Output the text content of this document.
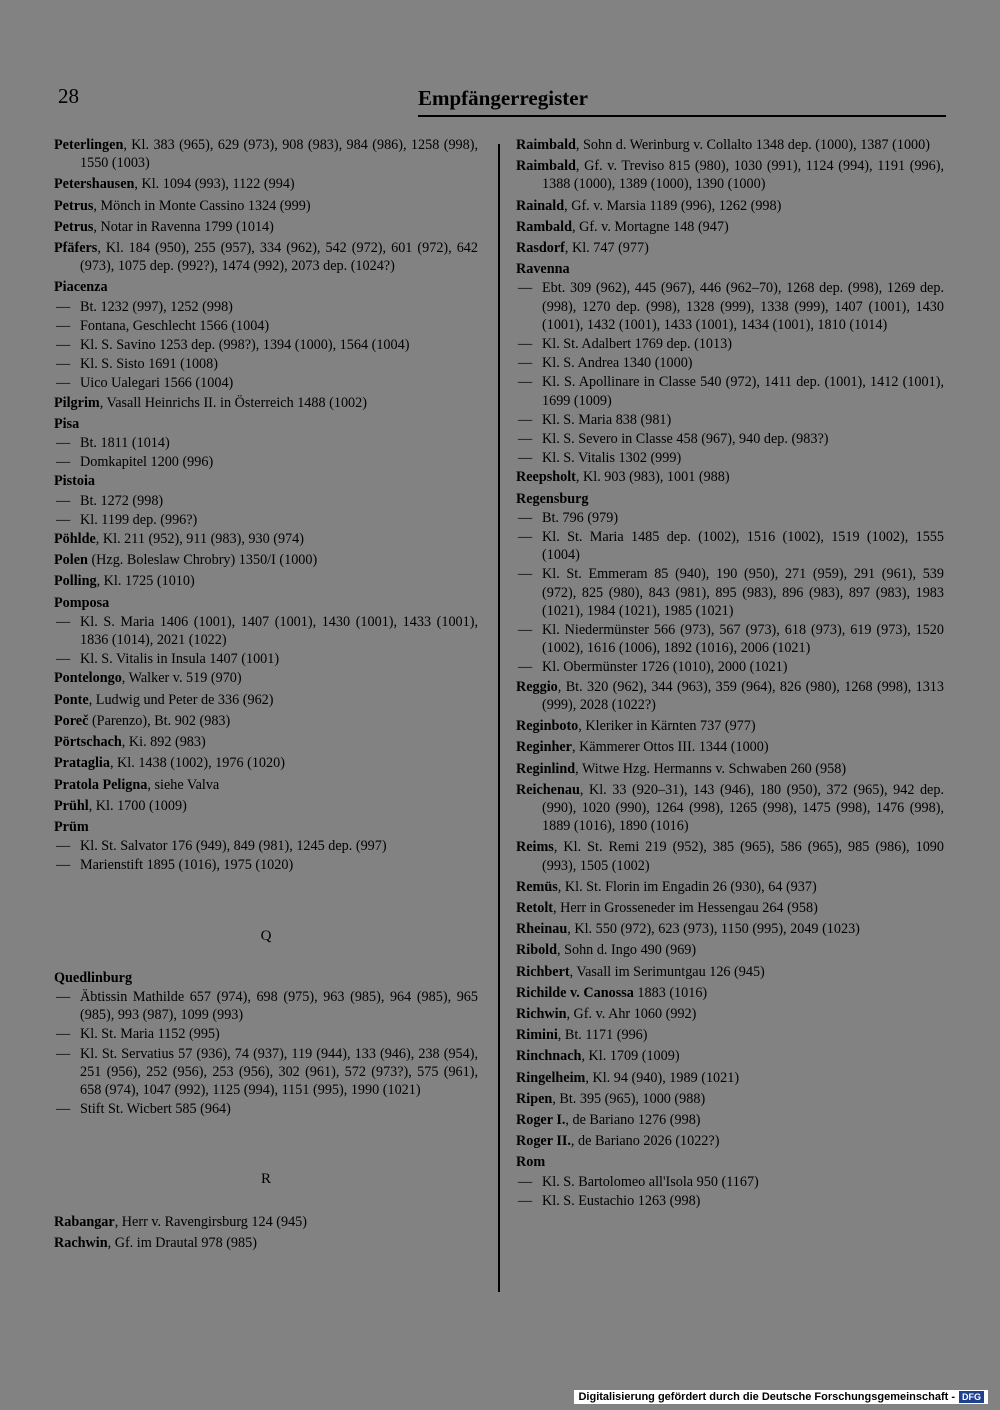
28	Empfängerregister
Peterlingen, Kl. 383 (965), 629 (973), 908 (983), 984 (986), 1258 (998), 1550 (1003)
Petershausen, Kl. 1094 (993), 1122 (994)
Petrus, Mönch in Monte Cassino 1324 (999)
Petrus, Notar in Ravenna 1799 (1014)
Pfäfers, Kl. 184 (950), 255 (957), 334 (962), 542 (972), 601 (972), 642 (973), 1075 dep. (992?), 1474 (992), 2073 dep. (1024?)
Piacenza
— Bt. 1232 (997), 1252 (998)
— Fontana, Geschlecht 1566 (1004)
— Kl. S. Savino 1253 dep. (998?), 1394 (1000), 1564 (1004)
— Kl. S. Sisto 1691 (1008)
— Uico Ualegari 1566 (1004)
Pilgrim, Vasall Heinrichs II. in Österreich 1488 (1002)
Pisa
— Bt. 1811 (1014)
— Domkapitel 1200 (996)
Pistoia
— Bt. 1272 (998)
— Kl. 1199 dep. (996?)
Pöhlde, Kl. 211 (952), 911 (983), 930 (974)
Polen (Hzg. Boleslaw Chrobry) 1350/I (1000)
Polling, Kl. 1725 (1010)
Pomposa
— Kl. S. Maria 1406 (1001), 1407 (1001), 1430 (1001), 1433 (1001), 1836 (1014), 2021 (1022)
— Kl. S. Vitalis in Insula 1407 (1001)
Pontelongo, Walker v. 519 (970)
Ponte, Ludwig und Peter de 336 (962)
Poreč (Parenzo), Bt. 902 (983)
Pörtschach, Ki. 892 (983)
Prataglia, Kl. 1438 (1002), 1976 (1020)
Pratola Peligna, siehe Valva
Prühl, Kl. 1700 (1009)
Prüm
— Kl. St. Salvator 176 (949), 849 (981), 1245 dep. (997)
— Marienstift 1895 (1016), 1975 (1020)
Q
Quedlinburg
— Äbtissin Mathilde 657 (974), 698 (975), 963 (985), 964 (985), 965 (985), 993 (987), 1099 (993)
— Kl. St. Maria 1152 (995)
— Kl. St. Servatius 57 (936), 74 (937), 119 (944), 133 (946), 238 (954), 251 (956), 252 (956), 253 (956), 302 (961), 572 (973?), 575 (961), 658 (974), 1047 (992), 1125 (994), 1151 (995), 1990 (1021)
— Stift St. Wicbert 585 (964)
R
Rabangar, Herr v. Ravengirsburg 124 (945)
Rachwin, Gf. im Drautal 978 (985)
Raimbald, Sohn d. Werinburg v. Collalto 1348 dep. (1000), 1387 (1000)
Raimbald, Gf. v. Treviso 815 (980), 1030 (991), 1124 (994), 1191 (996), 1388 (1000), 1389 (1000), 1390 (1000)
Rainald, Gf. v. Marsia 1189 (996), 1262 (998)
Rambald, Gf. v. Mortagne 148 (947)
Rasdorf, Kl. 747 (977)
Ravenna
— Ebt. 309 (962), 445 (967), 446 (962–70), 1268 dep. (998), 1269 dep. (998), 1270 dep. (998), 1328 (999), 1338 (999), 1407 (1001), 1430 (1001), 1432 (1001), 1433 (1001), 1434 (1001), 1810 (1014)
— Kl. St. Adalbert 1769 dep. (1013)
— Kl. S. Andrea 1340 (1000)
— Kl. S. Apollinare in Classe 540 (972), 1411 dep. (1001), 1412 (1001), 1699 (1009)
— Kl. S. Maria 838 (981)
— Kl. S. Severo in Classe 458 (967), 940 dep. (983?)
— Kl. S. Vitalis 1302 (999)
Reepsholt, Kl. 903 (983), 1001 (988)
Regensburg
— Bt. 796 (979)
— Kl. St. Maria 1485 dep. (1002), 1516 (1002), 1519 (1002), 1555 (1004)
— Kl. St. Emmeram 85 (940), 190 (950), 271 (959), 291 (961), 539 (972), 825 (980), 843 (981), 895 (983), 896 (983), 897 (983), 1983 (1021), 1984 (1021), 1985 (1021)
— Kl. Niedermünster 566 (973), 567 (973), 618 (973), 619 (973), 1520 (1002), 1616 (1006), 1892 (1016), 2006 (1021)
— Kl. Obermünster 1726 (1010), 2000 (1021)
Reggio, Bt. 320 (962), 344 (963), 359 (964), 826 (980), 1268 (998), 1313 (999), 2028 (1022?)
Reginboto, Kleriker in Kärnten 737 (977)
Reginher, Kämmerer Ottos III. 1344 (1000)
Reginlind, Witwe Hzg. Hermanns v. Schwaben 260 (958)
Reichenau, Kl. 33 (920–31), 143 (946), 180 (950), 372 (965), 942 dep. (990), 1020 (990), 1264 (998), 1265 (998), 1475 (998), 1476 (998), 1889 (1016), 1890 (1016)
Reims, Kl. St. Remi 219 (952), 385 (965), 586 (965), 985 (986), 1090 (993), 1505 (1002)
Remüs, Kl. St. Florin im Engadin 26 (930), 64 (937)
Retolt, Herr in Grosseneder im Hessengau 264 (958)
Rheinau, Kl. 550 (972), 623 (973), 1150 (995), 2049 (1023)
Ribold, Sohn d. Ingo 490 (969)
Richbert, Vasall im Serimuntgau 126 (945)
Richilde v. Canossa 1883 (1016)
Richwin, Gf. v. Ahr 1060 (992)
Rimini, Bt. 1171 (996)
Rinchnach, Kl. 1709 (1009)
Ringelheim, Kl. 94 (940), 1989 (1021)
Ripen, Bt. 395 (965), 1000 (988)
Roger I., de Bariano 1276 (998)
Roger II., de Bariano 2026 (1022?)
Rom
— Kl. S. Bartolomeo all'Isola 950 (1167)
— Kl. S. Eustachio 1263 (998)
Digitalisierung gefördert durch die Deutsche Forschungsgemeinschaft - DFG
